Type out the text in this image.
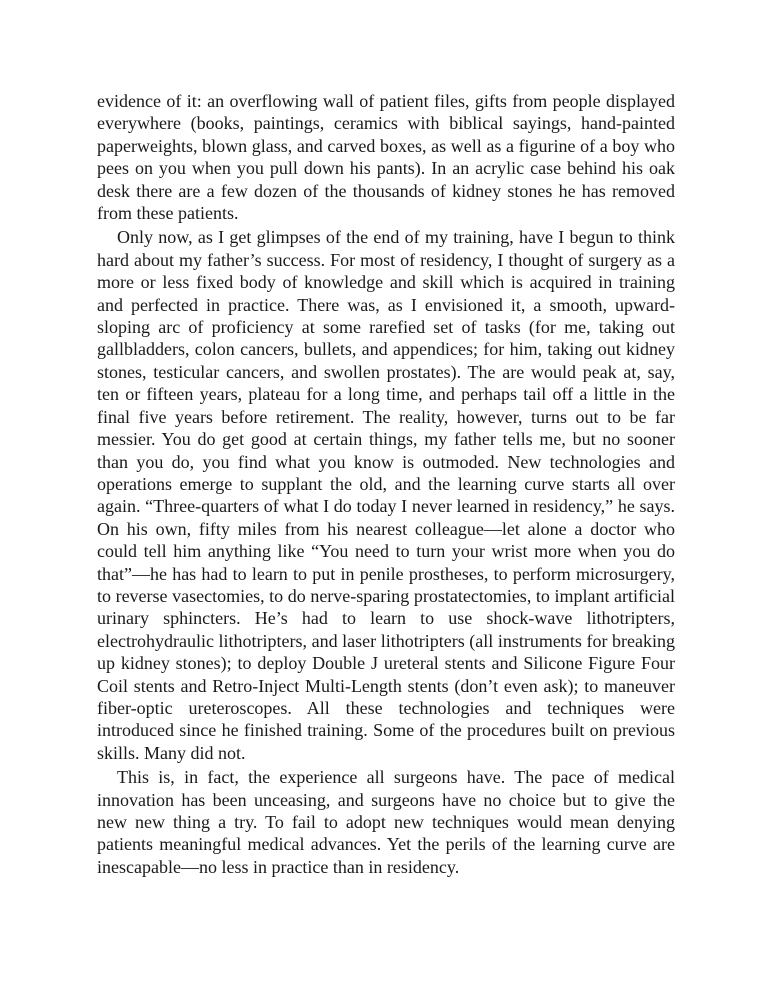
evidence of it: an overflowing wall of patient files, gifts from people displayed everywhere (books, paintings, ceramics with biblical sayings, hand-painted paperweights, blown glass, and carved boxes, as well as a figurine of a boy who pees on you when you pull down his pants). In an acrylic case behind his oak desk there are a few dozen of the thousands of kidney stones he has removed from these patients.

Only now, as I get glimpses of the end of my training, have I begun to think hard about my father’s success. For most of residency, I thought of surgery as a more or less fixed body of knowledge and skill which is acquired in training and perfected in practice. There was, as I envisioned it, a smooth, upward-sloping arc of proficiency at some rarefied set of tasks (for me, taking out gallbladders, colon cancers, bullets, and appendices; for him, taking out kidney stones, testicular cancers, and swollen prostates). The are would peak at, say, ten or fifteen years, plateau for a long time, and perhaps tail off a little in the final five years before retirement. The reality, however, turns out to be far messier. You do get good at certain things, my father tells me, but no sooner than you do, you find what you know is outmoded. New technologies and operations emerge to supplant the old, and the learning curve starts all over again. “Three-quarters of what I do today I never learned in residency,” he says. On his own, fifty miles from his nearest colleague—let alone a doctor who could tell him anything like “You need to turn your wrist more when you do that”—he has had to learn to put in penile prostheses, to perform microsurgery, to reverse vasectomies, to do nerve-sparing prostatectomies, to implant artificial urinary sphincters. He’s had to learn to use shock-wave lithotripters, electrohydraulic lithotripters, and laser lithotripters (all instruments for breaking up kidney stones); to deploy Double J ureteral stents and Silicone Figure Four Coil stents and Retro-Inject Multi-Length stents (don’t even ask); to maneuver fiber-optic ureteroscopes. All these technologies and techniques were introduced since he finished training. Some of the procedures built on previous skills. Many did not.

This is, in fact, the experience all surgeons have. The pace of medical innovation has been unceasing, and surgeons have no choice but to give the new new thing a try. To fail to adopt new techniques would mean denying patients meaningful medical advances. Yet the perils of the learning curve are inescapable—no less in practice than in residency.
